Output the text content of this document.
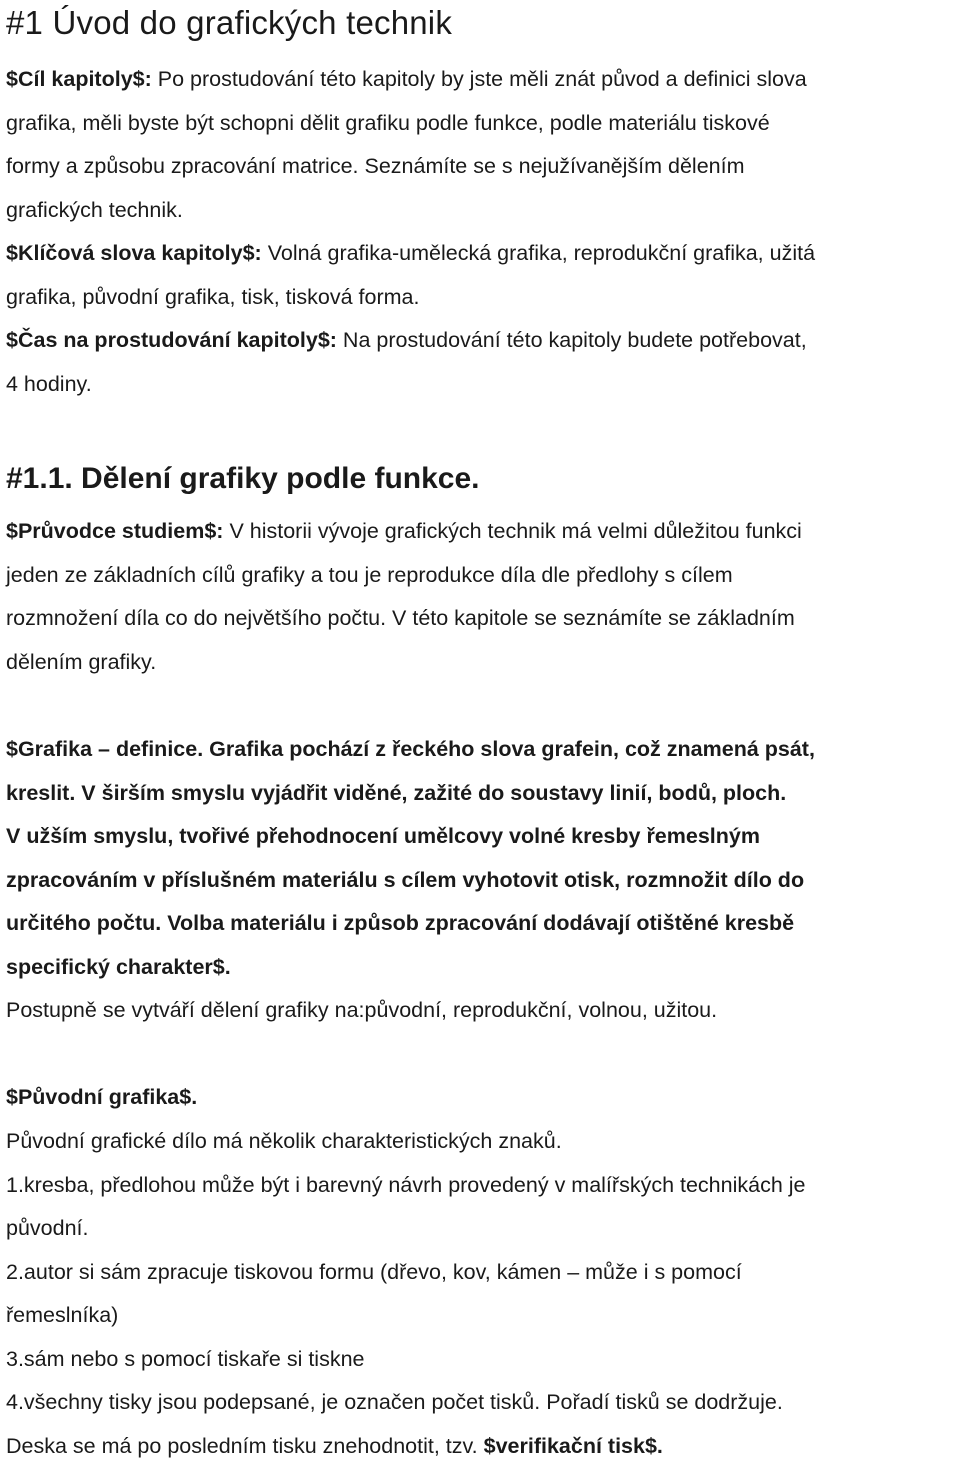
#1 Úvod do grafických technik
$Cíl kapitoly$: Po prostudování této kapitoly by jste měli znát původ a definici slova
grafika, měli byste být schopni dělit grafiku podle funkce, podle materiálu tiskové
formy a způsobu zpracování matrice. Seznámíte se s nejužívanějším dělením
grafických technik.
$Klíčová slova kapitoly$: Volná grafika-umělecká grafika, reprodukční grafika, užitá
grafika, původní grafika, tisk, tisková forma.
$Čas na prostudování kapitoly$: Na prostudování této kapitoly budete potřebovat,
4 hodiny.
#1.1. Dělení grafiky podle funkce.
$Průvodce studiem$: V historii vývoje grafických technik má velmi důležitou funkci
jeden ze základních cílů grafiky a tou je reprodukce díla dle předlohy s cílem
rozmnožení díla co do největšího počtu. V této kapitole se seznámíte se základním
dělením grafiky.
$Grafika – definice. Grafika pochází z řeckého slova grafein, což znamená psát,
kreslit. V širším smyslu vyjádřit viděné, zažité do soustavy linií, bodů, ploch.
V užším smyslu, tvořivé přehodnocení umělcovy volné kresby řemeslným
zpracováním v příslušném materiálu s cílem vyhotovit otisk, rozmnožit dílo do
určitého počtu. Volba materiálu i způsob zpracování dodávají otištěné kresbě
specifický charakter$.
Postupně se vytváří dělení grafiky na:původní, reprodukční, volnou, užitou.
$Původní grafika$.
Původní grafické dílo má několik charakteristických znaků.
1.kresba, předlohou může být i barevný návrh provedený v malířských technikách je
původní.
2.autor si sám zpracuje tiskovou formu (dřevo, kov, kámen – může i s pomocí
řemeslníka)
3.sám nebo s pomocí tiskaře si tiskne
4.všechny tisky jsou podepsané, je označen počet tisků. Pořadí tisků se dodržuje.
Deska se má po posledním tisku znehodnotit, tzv. $verifikační tisk$.
